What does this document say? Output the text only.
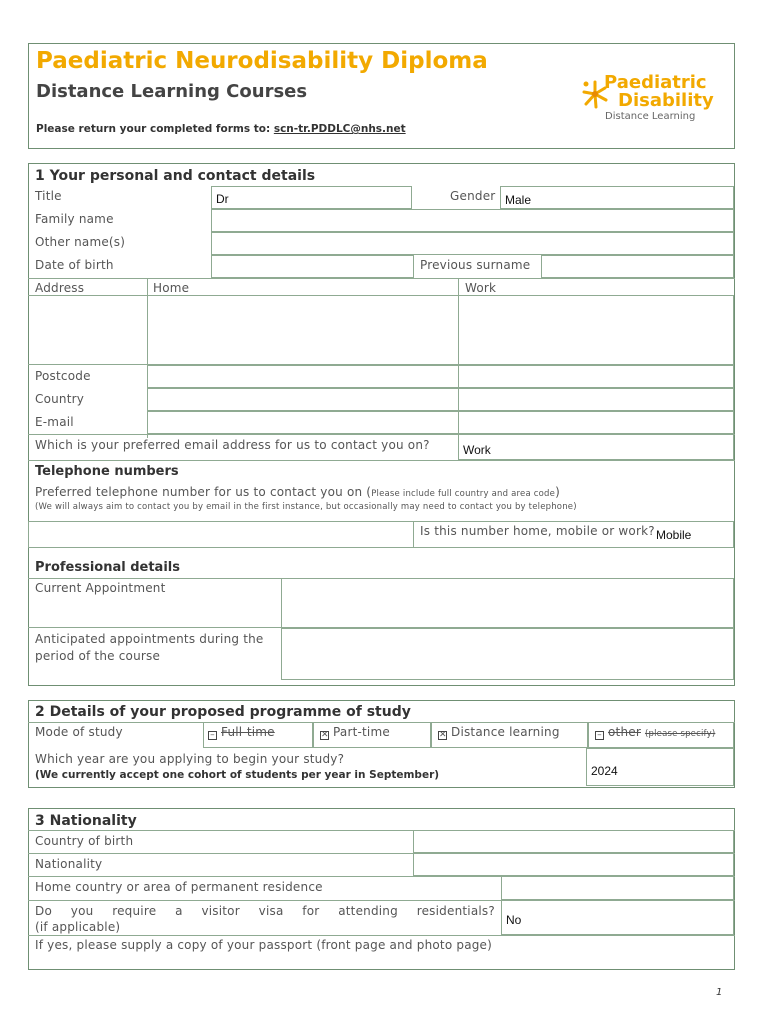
Paediatric Neurodisability Diploma
Distance Learning Courses
Please return your completed forms to: scn-tr.PDDLC@nhs.net
Paediatric
Disability
Distance Learning
1 Your personal and contact details
Title	Dr	Gender Male
Family name
Other name(s)
Date of birth	Previous surname
Address	Home	Work
Postcode
Country
E-mail
Which is your preferred email address for us to contact you on?	Work
Telephone numbers
Preferred telephone number for us to contact you on (Please include full country and area code)
(We will always aim to contact you by email in the first instance, but occasionally may need to contact you by telephone)
Is this number home, mobile or work? Mobile
Professional details
Current Appointment
Anticipated appointments during the
period of the course
2 Details of your proposed programme of study
Mode of study	– Full-time	✕ Part-time	✕ Distance learning	– other (please specify)
Which year are you applying to begin your study?
(We currently accept one cohort of students per year in September)	2024
3 Nationality
Country of birth
Nationality
Home country or area of permanent residence
Do you require a visitor visa for attending residentials?
(if applicable)	No
If yes, please supply a copy of your passport (front page and photo page)
1
